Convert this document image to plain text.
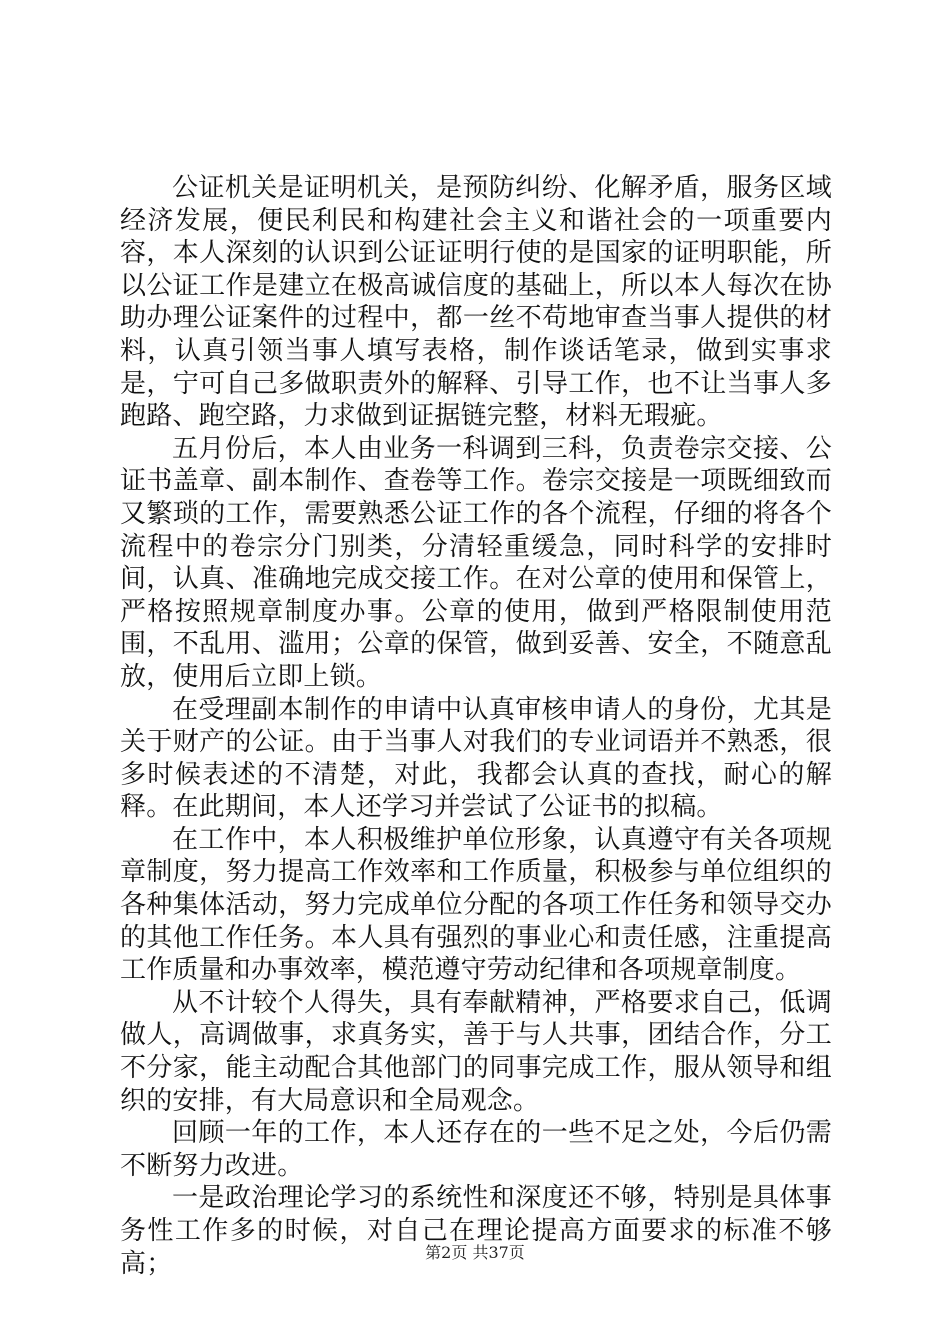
公证机关是证明机关，是预防纠纷、化解矛盾，服务区域经济发展，便民利民和构建社会主义和谐社会的一项重要内容，本人深刻的认识到公证证明行使的是国家的证明职能，所以公证工作是建立在极高诚信度的基础上，所以本人每次在协助办理公证案件的过程中，都一丝不苟地审查当事人提供的材料，认真引领当事人填写表格，制作谈话笔录，做到实事求是，宁可自己多做职责外的解释、引导工作，也不让当事人多跑路、跑空路，力求做到证据链完整，材料无瑕疵。

五月份后，本人由业务一科调到三科，负责卷宗交接、公证书盖章、副本制作、查卷等工作。卷宗交接是一项既细致而又繁琐的工作，需要熟悉公证工作的各个流程，仔细的将各个流程中的卷宗分门别类，分清轻重缓急，同时科学的安排时间，认真、准确地完成交接工作。在对公章的使用和保管上，严格按照规章制度办事。公章的使用，做到严格限制使用范围，不乱用、滥用；公章的保管，做到妥善、安全，不随意乱放，使用后立即上锁。

在受理副本制作的申请中认真审核申请人的身份，尤其是关于财产的公证。由于当事人对我们的专业词语并不熟悉，很多时候表述的不清楚，对此，我都会认真的查找，耐心的解释。在此期间，本人还学习并尝试了公证书的拟稿。

在工作中，本人积极维护单位形象，认真遵守有关各项规章制度，努力提高工作效率和工作质量，积极参与单位组织的各种集体活动，努力完成单位分配的各项工作任务和领导交办的其他工作任务。本人具有强烈的事业心和责任感，注重提高工作质量和办事效率，模范遵守劳动纪律和各项规章制度。

从不计较个人得失，具有奉献精神，严格要求自己，低调做人，高调做事，求真务实，善于与人共事，团结合作，分工不分家，能主动配合其他部门的同事完成工作，服从领导和组织的安排，有大局意识和全局观念。

回顾一年的工作，本人还存在的一些不足之处，今后仍需不断努力改进。

一是政治理论学习的系统性和深度还不够，特别是具体事务性工作多的时候，对自己在理论提高方面要求的标准不够高；	第2页 共37页
